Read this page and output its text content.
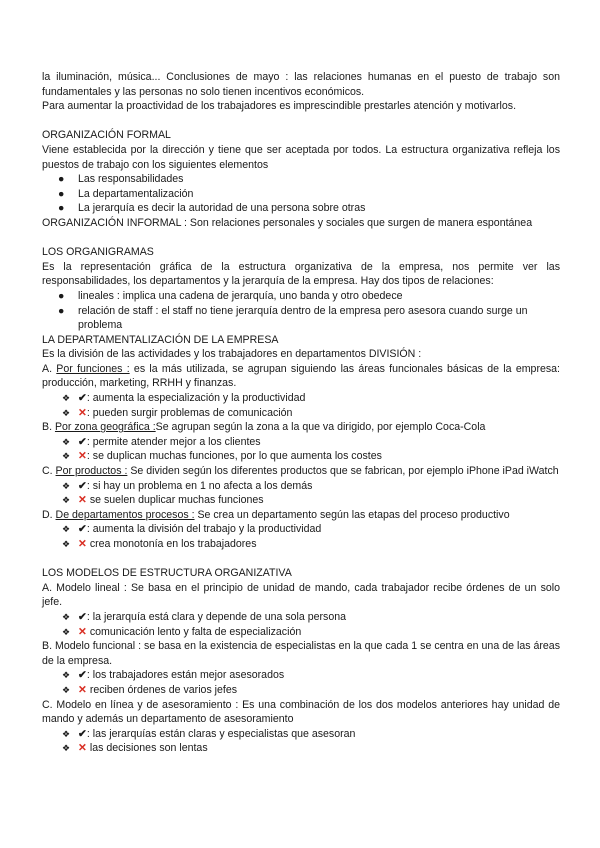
la iluminación, música... Conclusiones de mayo : las relaciones humanas en el puesto de trabajo son fundamentales y las personas no solo tienen incentivos económicos.

Para aumentar la proactividad de los trabajadores es imprescindible prestarles atención y motivarlos.

ORGANIZACIÓN FORMAL

Viene establecida por la dirección y tiene que ser aceptada por todos. La estructura organizativa refleja los puestos de trabajo con los siguientes elementos

● Las responsabilidades
● La departamentalización
● La jerarquía es decir la autoridad de una persona sobre otras

ORGANIZACIÓN INFORMAL : Son relaciones personales y sociales que surgen de manera espontánea

LOS ORGANIGRAMAS

Es la representación gráfica de la estructura organizativa de la empresa, nos permite ver las responsabilidades, los departamentos y la jerarquía de la empresa. Hay dos tipos de relaciones:

● lineales : implica una cadena de jerarquía, uno banda y otro obedece
● relación de staff : el staff no tiene jerarquía dentro de la empresa pero asesora cuando surge un problema

LA DEPARTAMENTALIZACIÓN DE LA EMPRESA

Es la división de las actividades y los trabajadores en departamentos DIVISIÓN :

A. Por funciones : es la más utilizada, se agrupan siguiendo las áreas funcionales básicas de la empresa: producción, marketing, RRHH y finanzas.

❖ ✔: aumenta la especialización y la productividad
❖ ✕: pueden surgir problemas de comunicación

B. Por zona geográfica :Se agrupan según la zona a la que va dirigido, por ejemplo Coca-Cola

❖ ✔: permite atender mejor a los clientes
❖ ✕: se duplican muchas funciones, por lo que aumenta los costes

C. Por productos : Se dividen según los diferentes productos que se fabrican, por ejemplo iPhone iPad iWatch

❖ ✔: si hay un problema en 1 no afecta a los demás
❖ ✕ se suelen duplicar muchas funciones

D. De departamentos procesos : Se crea un departamento según las etapas del proceso productivo

❖ ✔: aumenta la división del trabajo y la productividad
❖ ✕ crea monotonía en los trabajadores

LOS MODELOS DE ESTRUCTURA ORGANIZATIVA

A. Modelo lineal : Se basa en el principio de unidad de mando, cada trabajador recibe órdenes de un solo jefe.

❖ ✔: la jerarquía está clara y depende de una sola persona
❖ ✕ comunicación lento y falta de especialización

B. Modelo funcional : se basa en la existencia de especialistas en la que cada 1 se centra en una de las áreas de la empresa.

❖ ✔: los trabajadores están mejor asesorados
❖ ✕ reciben órdenes de varios jefes

C. Modelo en línea y de asesoramiento : Es una combinación de los dos modelos anteriores hay unidad de mando y además un departamento de asesoramiento

❖ ✔: las jerarquías están claras y especialistas que asesoran
❖ ✕ las decisiones son lentas
